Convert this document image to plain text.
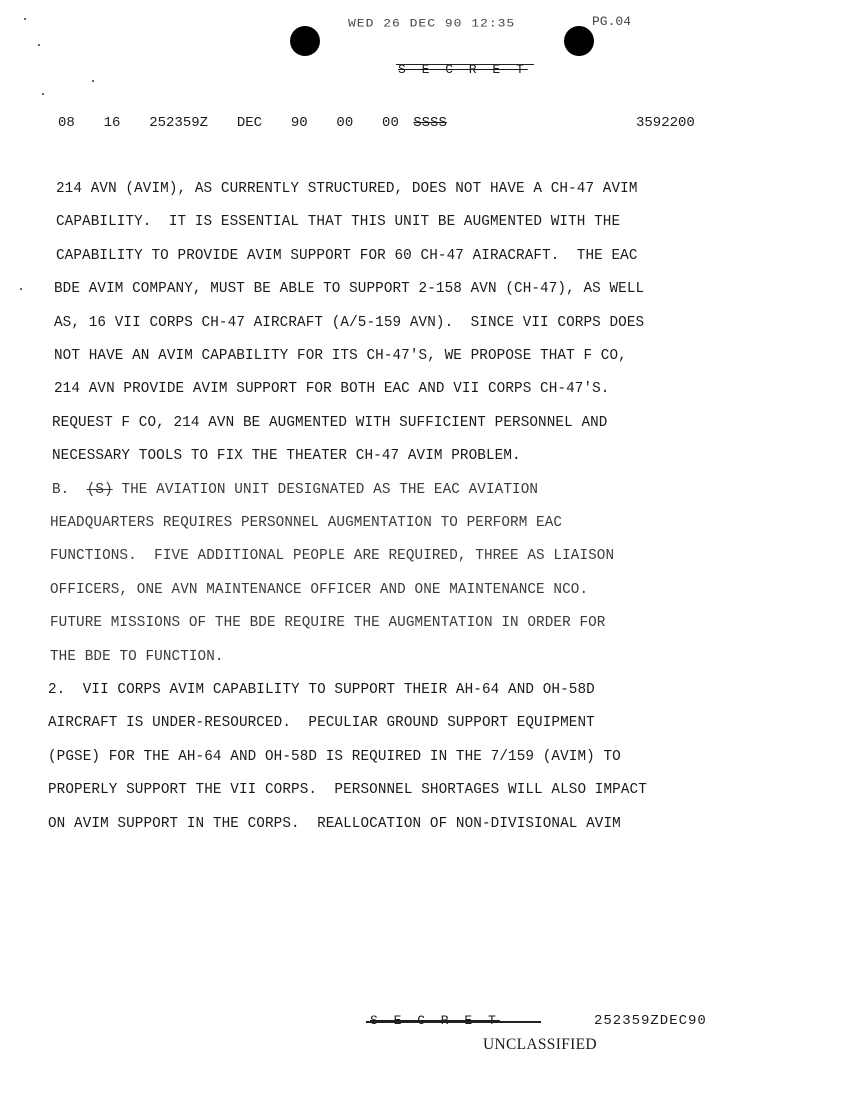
WED 26 DEC 90 12:35	PG.04
S E C R E T
08  16  252359Z  DEC  90  00  00 SSSS	3592200
214 AVN (AVIM), AS CURRENTLY STRUCTURED, DOES NOT HAVE A CH-47 AVIM
CAPABILITY.  IT IS ESSENTIAL THAT THIS UNIT BE AUGMENTED WITH THE
CAPABILITY TO PROVIDE AVIM SUPPORT FOR 60 CH-47 AIRACRAFT.  THE EAC
BDE AVIM COMPANY, MUST BE ABLE TO SUPPORT 2-158 AVN (CH-47), AS WELL
AS, 16 VII CORPS CH-47 AIRCRAFT (A/5-159 AVN).  SINCE VII CORPS DOES
NOT HAVE AN AVIM CAPABILITY FOR ITS CH-47'S, WE PROPOSE THAT F CO,
214 AVN PROVIDE AVIM SUPPORT FOR BOTH EAC AND VII CORPS CH-47'S.
REQUEST F CO, 214 AVN BE AUGMENTED WITH SUFFICIENT PERSONNEL AND
NECESSARY TOOLS TO FIX THE THEATER CH-47 AVIM PROBLEM.
B.  (S) THE AVIATION UNIT DESIGNATED AS THE EAC AVIATION
HEADQUARTERS REQUIRES PERSONNEL AUGMENTATION TO PERFORM EAC
FUNCTIONS.  FIVE ADDITIONAL PEOPLE ARE REQUIRED, THREE AS LIAISON
OFFICERS, ONE AVN MAINTENANCE OFFICER AND ONE MAINTENANCE NCO.
FUTURE MISSIONS OF THE BDE REQUIRE THE AUGMENTATION IN ORDER FOR
THE BDE TO FUNCTION.
2.  VII CORPS AVIM CAPABILITY TO SUPPORT THEIR AH-64 AND OH-58D
AIRCRAFT IS UNDER-RESOURCED.  PECULIAR GROUND SUPPORT EQUIPMENT
(PGSE) FOR THE AH-64 AND OH-58D IS REQUIRED IN THE 7/159 (AVIM) TO
PROPERLY SUPPORT THE VII CORPS.  PERSONNEL SHORTAGES WILL ALSO IMPACT
ON AVIM SUPPORT IN THE CORPS.  REALLOCATION OF NON-DIVISIONAL AVIM
S E C R E T	252359ZDEC90
UNCLASSIFIED
